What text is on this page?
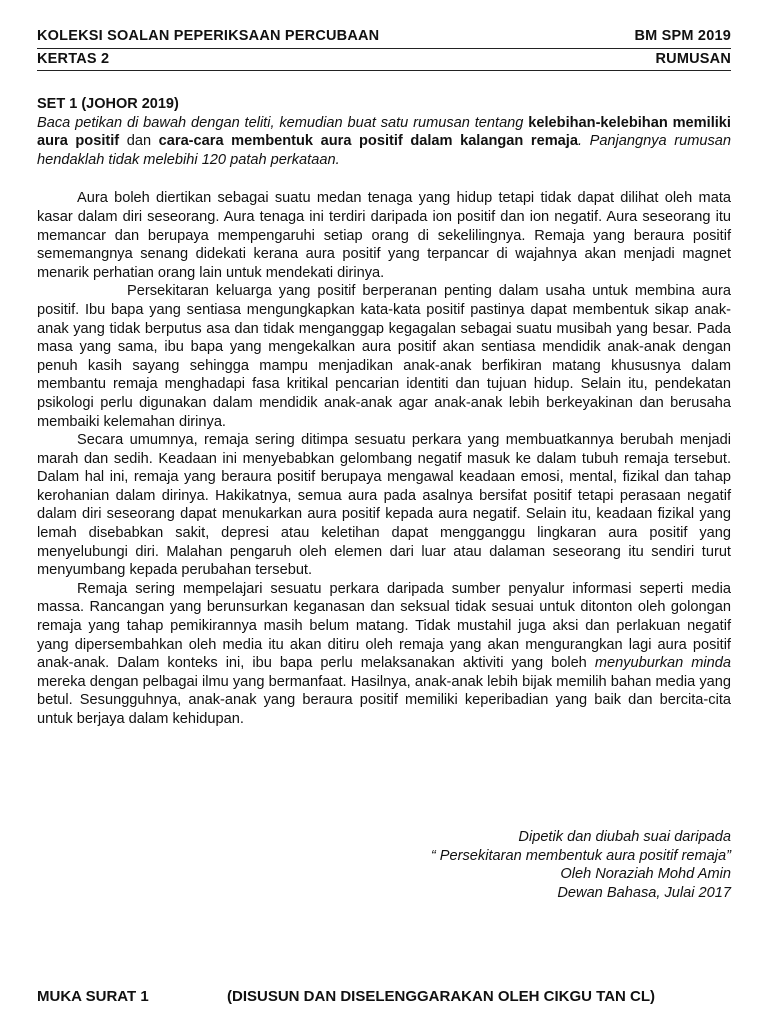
KOLEKSI SOALAN PEPERIKSAAN PERCUBAAN	BM SPM 2019
KERTAS 2	RUMUSAN
SET 1 (JOHOR 2019)
Baca petikan di bawah dengan teliti, kemudian buat satu rumusan tentang kelebihan-kelebihan memiliki aura positif dan cara-cara membentuk aura positif dalam kalangan remaja. Panjangnya rumusan hendaklah tidak melebihi 120 patah perkataan.

Aura boleh diertikan sebagai suatu medan tenaga yang hidup tetapi tidak dapat dilihat oleh mata kasar dalam diri seseorang. Aura tenaga ini terdiri daripada ion positif dan ion negatif. Aura seseorang itu memancar dan berupaya mempengaruhi setiap orang di sekelilingnya. Remaja yang beraura positif sememangnya senang didekati kerana aura positif yang terpancar di wajahnya akan menjadi magnet menarik perhatian orang lain untuk mendekati dirinya.

Persekitaran keluarga yang positif berperanan penting dalam usaha untuk membina aura positif. Ibu bapa yang sentiasa mengungkapkan kata-kata positif pastinya dapat membentuk sikap anak-anak yang tidak berputus asa dan tidak menganggap kegagalan sebagai suatu musibah yang besar. Pada masa yang sama, ibu bapa yang mengekalkan aura positif akan sentiasa mendidik anak-anak dengan penuh kasih sayang sehingga mampu menjadikan anak-anak berfikiran matang khususnya dalam membantu remaja menghadapi fasa kritikal pencarian identiti dan tujuan hidup. Selain itu, pendekatan psikologi perlu digunakan dalam mendidik anak-anak agar anak-anak lebih berkeyakinan dan berusaha membaiki kelemahan dirinya.

Secara umumnya, remaja sering ditimpa sesuatu perkara yang membuatkannya berubah menjadi marah dan sedih. Keadaan ini menyebabkan gelombang negatif masuk ke dalam tubuh remaja tersebut. Dalam hal ini, remaja yang beraura positif berupaya mengawal keadaan emosi, mental, fizikal dan tahap kerohanian dalam dirinya. Hakikatnya, semua aura pada asalnya bersifat positif tetapi perasaan negatif dalam diri seseorang dapat menukarkan aura positif kepada aura negatif. Selain itu, keadaan fizikal yang lemah disebabkan sakit, depresi atau keletihan dapat mengganggu lingkaran aura positif yang menyelubungi diri. Malahan pengaruh oleh elemen dari luar atau dalaman seseorang itu sendiri turut menyumbang kepada perubahan tersebut.

Remaja sering mempelajari sesuatu perkara daripada sumber penyalur informasi seperti media massa. Rancangan yang berunsurkan keganasan dan seksual tidak sesuai untuk ditonton oleh golongan remaja yang tahap pemikirannya masih belum matang. Tidak mustahil juga aksi dan perlakuan negatif yang dipersembahkan oleh media itu akan ditiru oleh remaja yang akan mengurangkan lagi aura positif anak-anak. Dalam konteks ini, ibu bapa perlu melaksanakan aktiviti yang boleh menyuburkan minda mereka dengan pelbagai ilmu yang bermanfaat. Hasilnya, anak-anak lebih bijak memilih bahan media yang betul. Sesungguhnya, anak-anak yang beraura positif memiliki keperibadian yang baik dan bercita-cita untuk berjaya dalam kehidupan.

Dipetik dan diubah suai daripada
“ Persekitaran membentuk aura positif remaja”
Oleh Noraziah Mohd Amin
Dewan Bahasa, Julai 2017
MUKA SURAT 1	(DISUSUN DAN DISELENGGARAKAN OLEH CIKGU TAN CL)
